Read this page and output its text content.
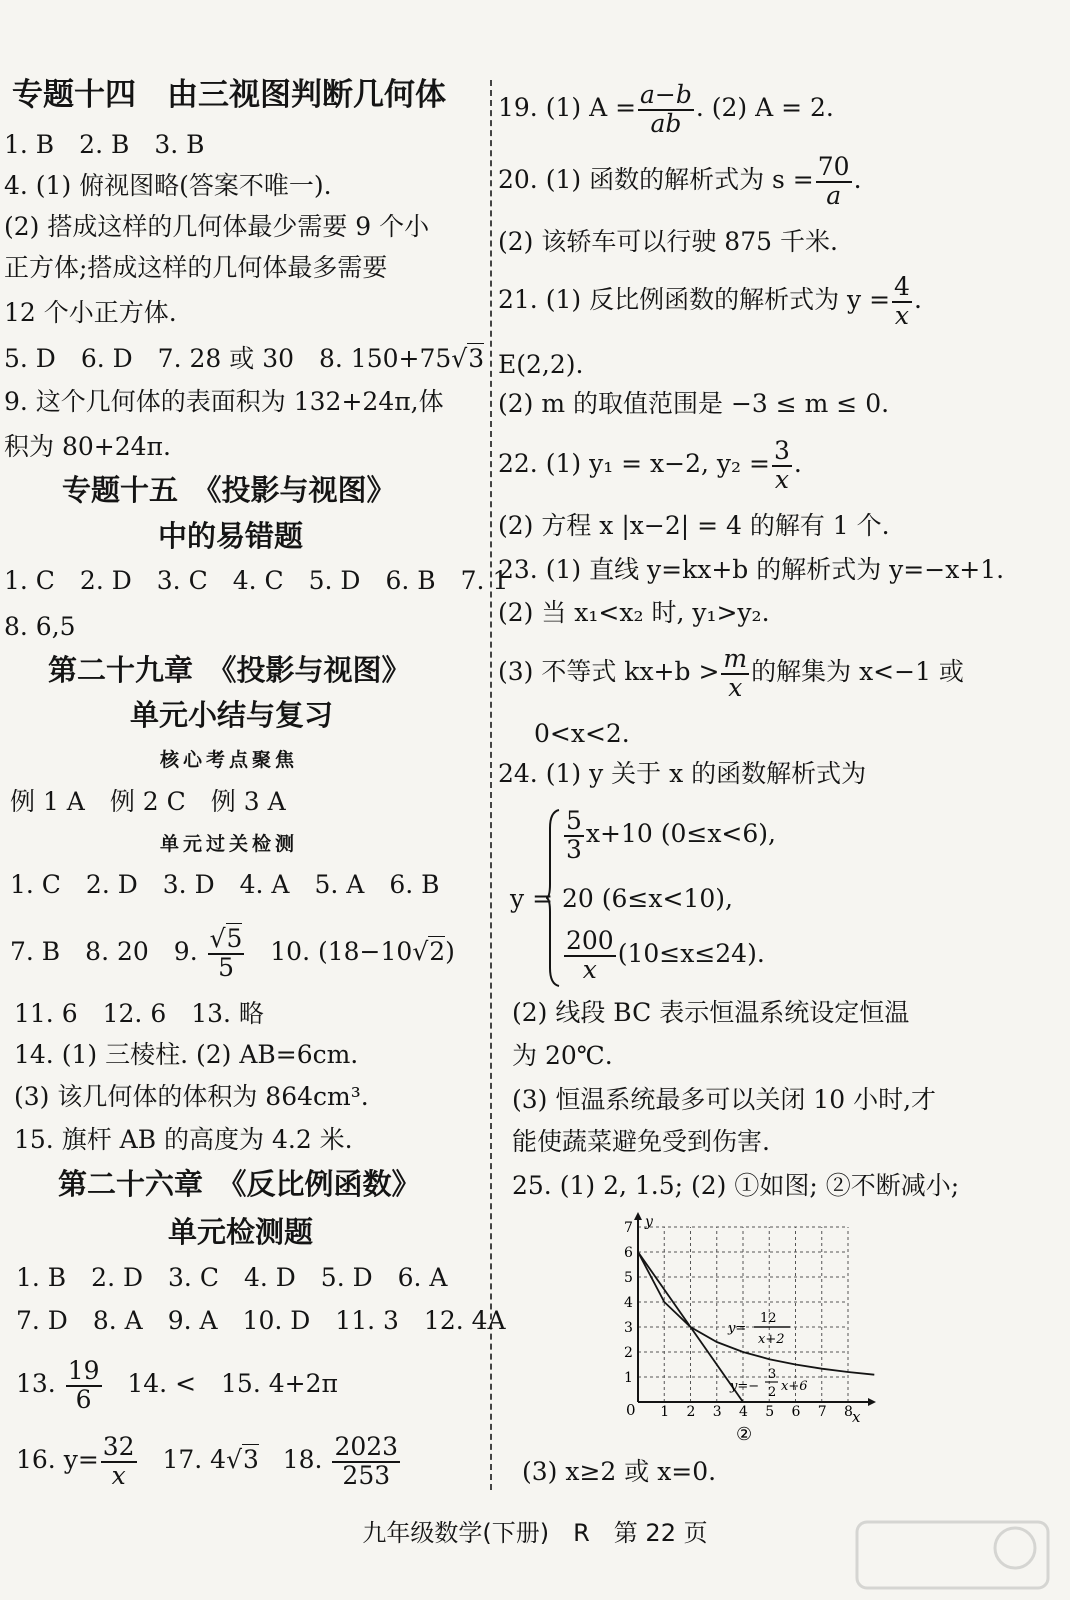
专题十四　由三视图判断几何体
1. B　2. B　3. B
4. (1) 俯视图略(答案不唯一).
(2) 搭成这样的几何体最少需要 9 个小
正方体;搭成这样的几何体最多需要
12 个小正方体.
5. D　6. D　7. 28 或 30　8. 150+75√3
9. 这个几何体的表面积为 132+24π,体
积为 80+24π.
专题十五　《投影与视图》
中的易错题
1. C　2. D　3. C　4. C　5. D　6. B　7. 1
8. 6,5
第二十九章　《投影与视图》
单元小结与复习
核心考点聚焦
例 1 A　例 2 C　例 3 A
单元过关检测
1. C　2. D　3. D　4. A　5. A　6. B
7. B　8. 20　9. $\frac{√5}{5} 10$. (18−10√2)
11. 6　12. 6　13. 略
14. (1) 三棱柱. (2) AB=6cm.
(3) 该几何体的体积为 864cm³.
15. 旗杆 AB 的高度为 4.2 米.
第二十六章　《反比例函数》
单元检测题
1. B　2. D　3. C　4. D　5. D　6. A
7. D　8. A　9. A　10. D　11. 3　12. 4A
13. $\frac{19}{6} 14$. <　15. 4+2π
16. $y= \frac{32}{x} 17$. 4√3 18. $\frac{2023}{253}$
19. (1) $A = \frac{a-b}{ab}$ . (2) A = 2.
20. (1) 函数的解析式为 $s = \frac{70}{a}$ .
(2) 该轿车可以行驶 875 千米.
21. (1) 反比例函数的解析式为 $y = \frac{4}{x}$ .
E(2,2).
(2) m 的取值范围是 −3 ≤ m ≤ 0.
22. (1) y₁ = x−2, $y_2 = \frac{3}{x}$ .
(2) 方程 x |x−2| = 4 的解有 1 个.
23. (1) 直线 y=kx+b 的解析式为 y=−x+1.
(2) 当 x₁<x₂ 时, y₁>y₂.
(3) 不等式 $kx+b > \frac{m}{x}$ 的解集为 x<−1 或
0<x<2.
24. (1) y 关于 x 的函数解析式为
y =
$\frac{5}{3} x+10$ (0≤x<6),
20 (6≤x<10),
$\frac{200}{x} (10\le x\le 24)$.
(2) 线段 BC 表示恒温系统设定恒温
为 20℃.
(3) 恒温系统最多可以关闭 10 小时,才
能使蔬菜避免受到伤害.
25. (1) 2, 1.5; (2) ①如图; ②不断减小;
y
x
0 1 2 3 4 5 6 7 8
1
2
3
4
5
6
7
y=
12
x+2
y=−
3
2 x+6
②
(3) x≥2 或 x=0.
九年级数学(下册)　R　第 22 页
